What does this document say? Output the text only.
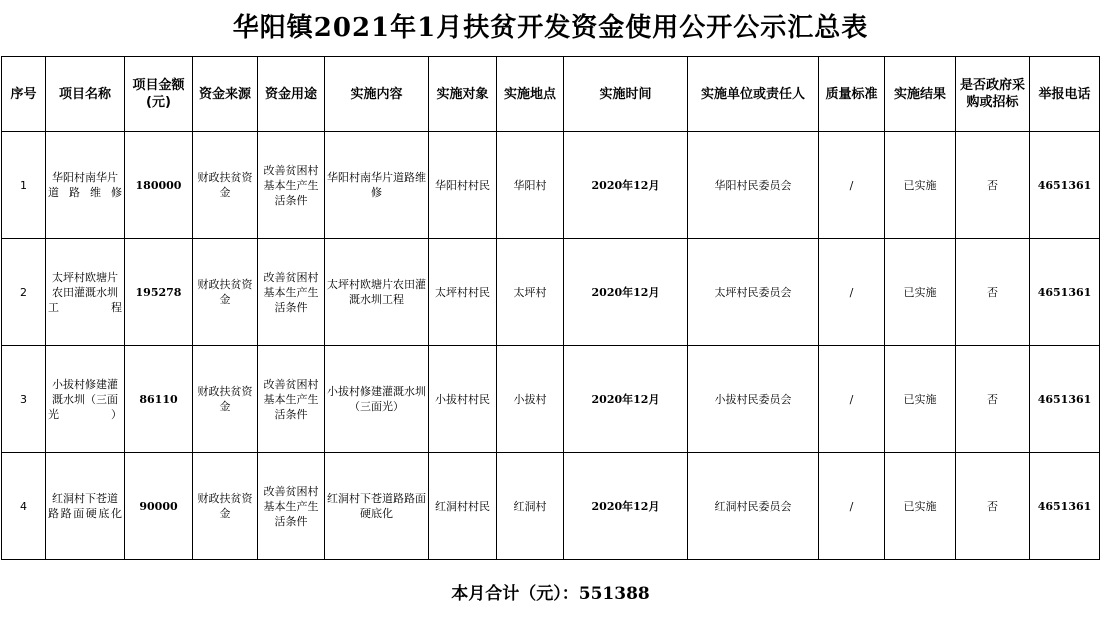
华阳镇2021年1月扶贫开发资金使用公开公示汇总表
序号	项目名称	项目金额(元)	资金来源	资金用途	实施内容	实施对象	实施地点	实施时间	实施单位或责任人	质量标准	实施结果	是否政府采购或招标	举报电话
1	华阳村南华片道路维修	180000	财政扶贫资金	改善贫困村基本生产生活条件	华阳村南华片道路维修	华阳村村民	华阳村	2020年12月	华阳村民委员会	/	已实施	否	4651361
2	太坪村欧塘片农田灌溉水圳工程	195278	财政扶贫资金	改善贫困村基本生产生活条件	太坪村欧塘片农田灌溉水圳工程	太坪村村民	太坪村	2020年12月	太坪村民委员会	/	已实施	否	4651361
3	小拔村修建灌溉水圳（三面光）	86110	财政扶贫资金	改善贫困村基本生产生活条件	小拔村修建灌溉水圳（三面光）	小拔村村民	小拔村	2020年12月	小拔村民委员会	/	已实施	否	4651361
4	红洞村下苍道路路面硬底化	90000	财政扶贫资金	改善贫困村基本生产生活条件	红洞村下苍道路路面硬底化	红洞村村民	红洞村	2020年12月	红洞村民委员会	/	已实施	否	4651361
本月合计（元）：551388
